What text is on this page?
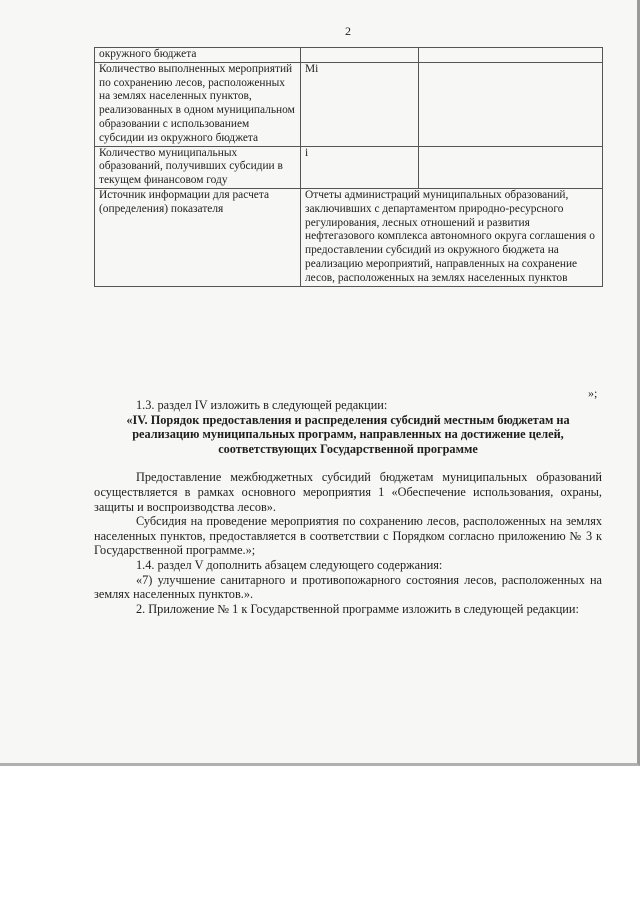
2
окружного бюджета		
Количество выполненных мероприятий по сохранению лесов, расположенных на землях населенных пунктов, реализованных в одном муниципальном образовании с использованием субсидии из окружного бюджета	Mi	
Количество муниципальных образований, получивших субсидии в текущем финансовом году	i	
Источник информации для расчета (определения) показателя	Отчеты администраций муниципальных образований, заключивших с департаментом природно-ресурсного регулирования, лесных отношений и развития нефтегазового комплекса автономного округа соглашения о предоставлении субсидий из окружного бюджета на реализацию мероприятий, направленных на сохранение лесов, расположенных на землях населенных пунктов	
»;

1.3. раздел IV изложить в следующей редакции:

«IV. Порядок предоставления и распределения субсидий местным бюджетам на реализацию муниципальных программ, направленных на достижение целей, соответствующих Государственной программе

Предоставление межбюджетных субсидий бюджетам муниципальных образований осуществляется в рамках основного мероприятия 1 «Обеспечение использования, охраны, защиты и воспроизводства лесов».

Субсидия на проведение мероприятия по сохранению лесов, расположенных на землях населенных пунктов, предоставляется в соответствии с Порядком согласно приложению № 3 к Государственной программе.»;

1.4. раздел V дополнить абзацем следующего содержания:

«7) улучшение санитарного и противопожарного состояния лесов, расположенных на землях населенных пунктов.».

2. Приложение № 1 к Государственной программе изложить в следующей редакции:
